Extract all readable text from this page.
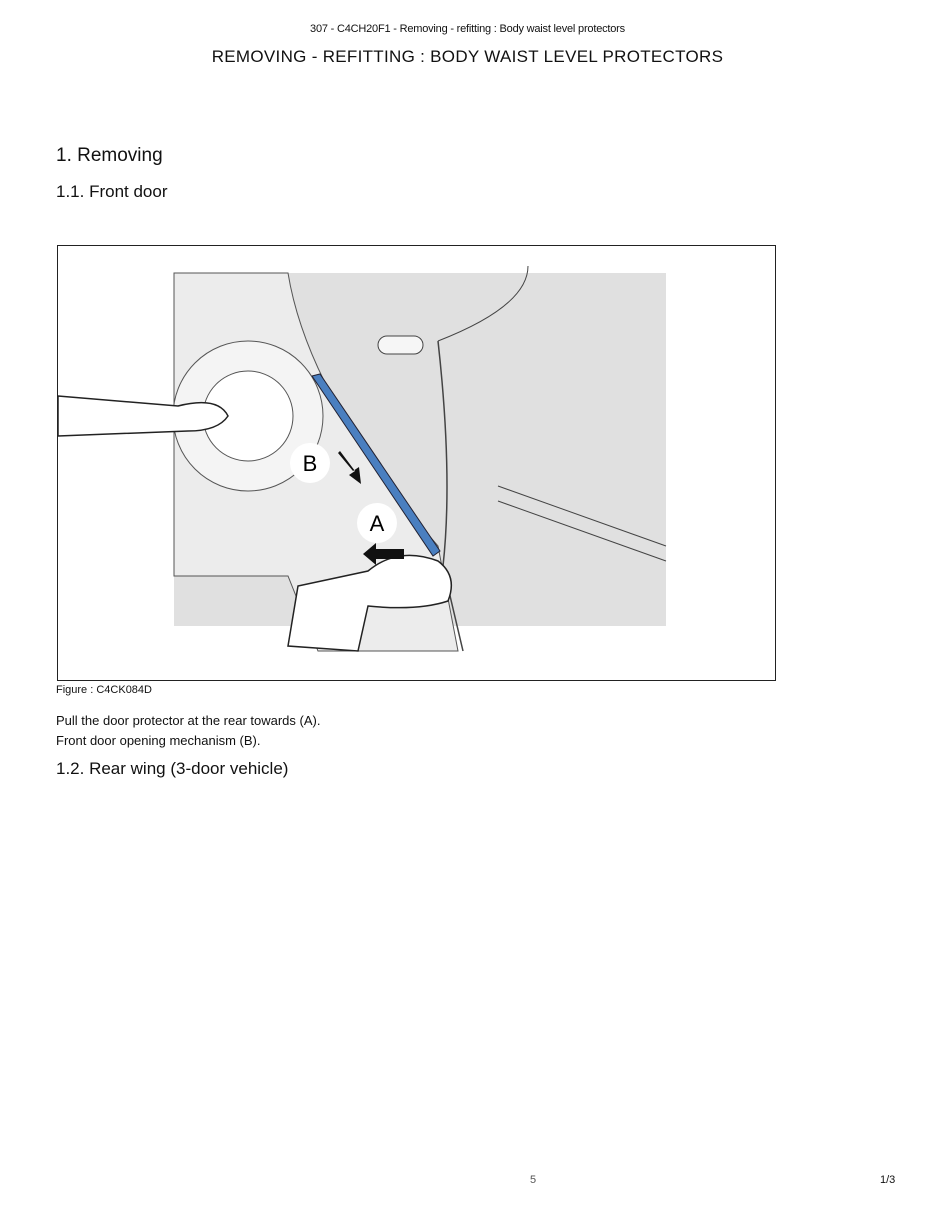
307 - C4CH20F1 - Removing - refitting : Body waist level protectors
REMOVING - REFITTING : BODY WAIST LEVEL PROTECTORS
1. Removing
1.1. Front door
B
A
Figure : C4CK084D
Pull the door protector at the rear towards (A).
Front door opening mechanism (B).
1.2. Rear wing (3-door vehicle)
5	1/3
